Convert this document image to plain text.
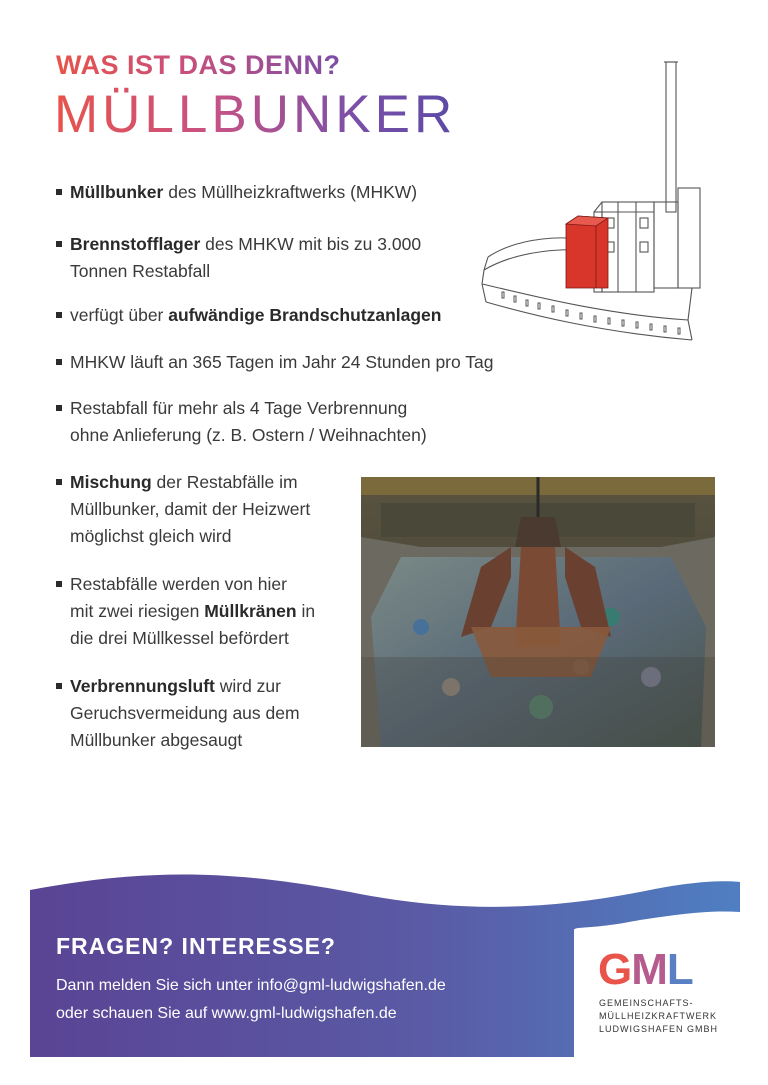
WAS IST DAS DENN?
MÜLLBUNKER
Müllbunker des Müllheizkraftwerks (MHKW)
Brennstofflager des MHKW mit bis zu 3.000
Tonnen Restabfall
verfügt über aufwändige Brandschutzanlagen
MHKW läuft an 365 Tagen im Jahr 24 Stunden pro Tag
Restabfall für mehr als 4 Tage Verbrennung
ohne Anlieferung (z. B. Ostern / Weihnachten)
Mischung der Restabfälle im
Müllbunker, damit der Heizwert
möglichst gleich wird
Restabfälle werden von hier
mit zwei riesigen Müllkränen in
die drei Müllkessel befördert
Verbrennungsluft wird zur
Geruchsvermeidung aus dem
Müllbunker abgesaugt
FRAGEN? INTERESSE?
Dann melden Sie sich unter info@gml-ludwigshafen.de
oder schauen Sie auf www.gml-ludwigshafen.de
GML
GEMEINSCHAFTS-
MÜLLHEIZKRAFTWERK
LUDWIGSHAFEN GMBH
